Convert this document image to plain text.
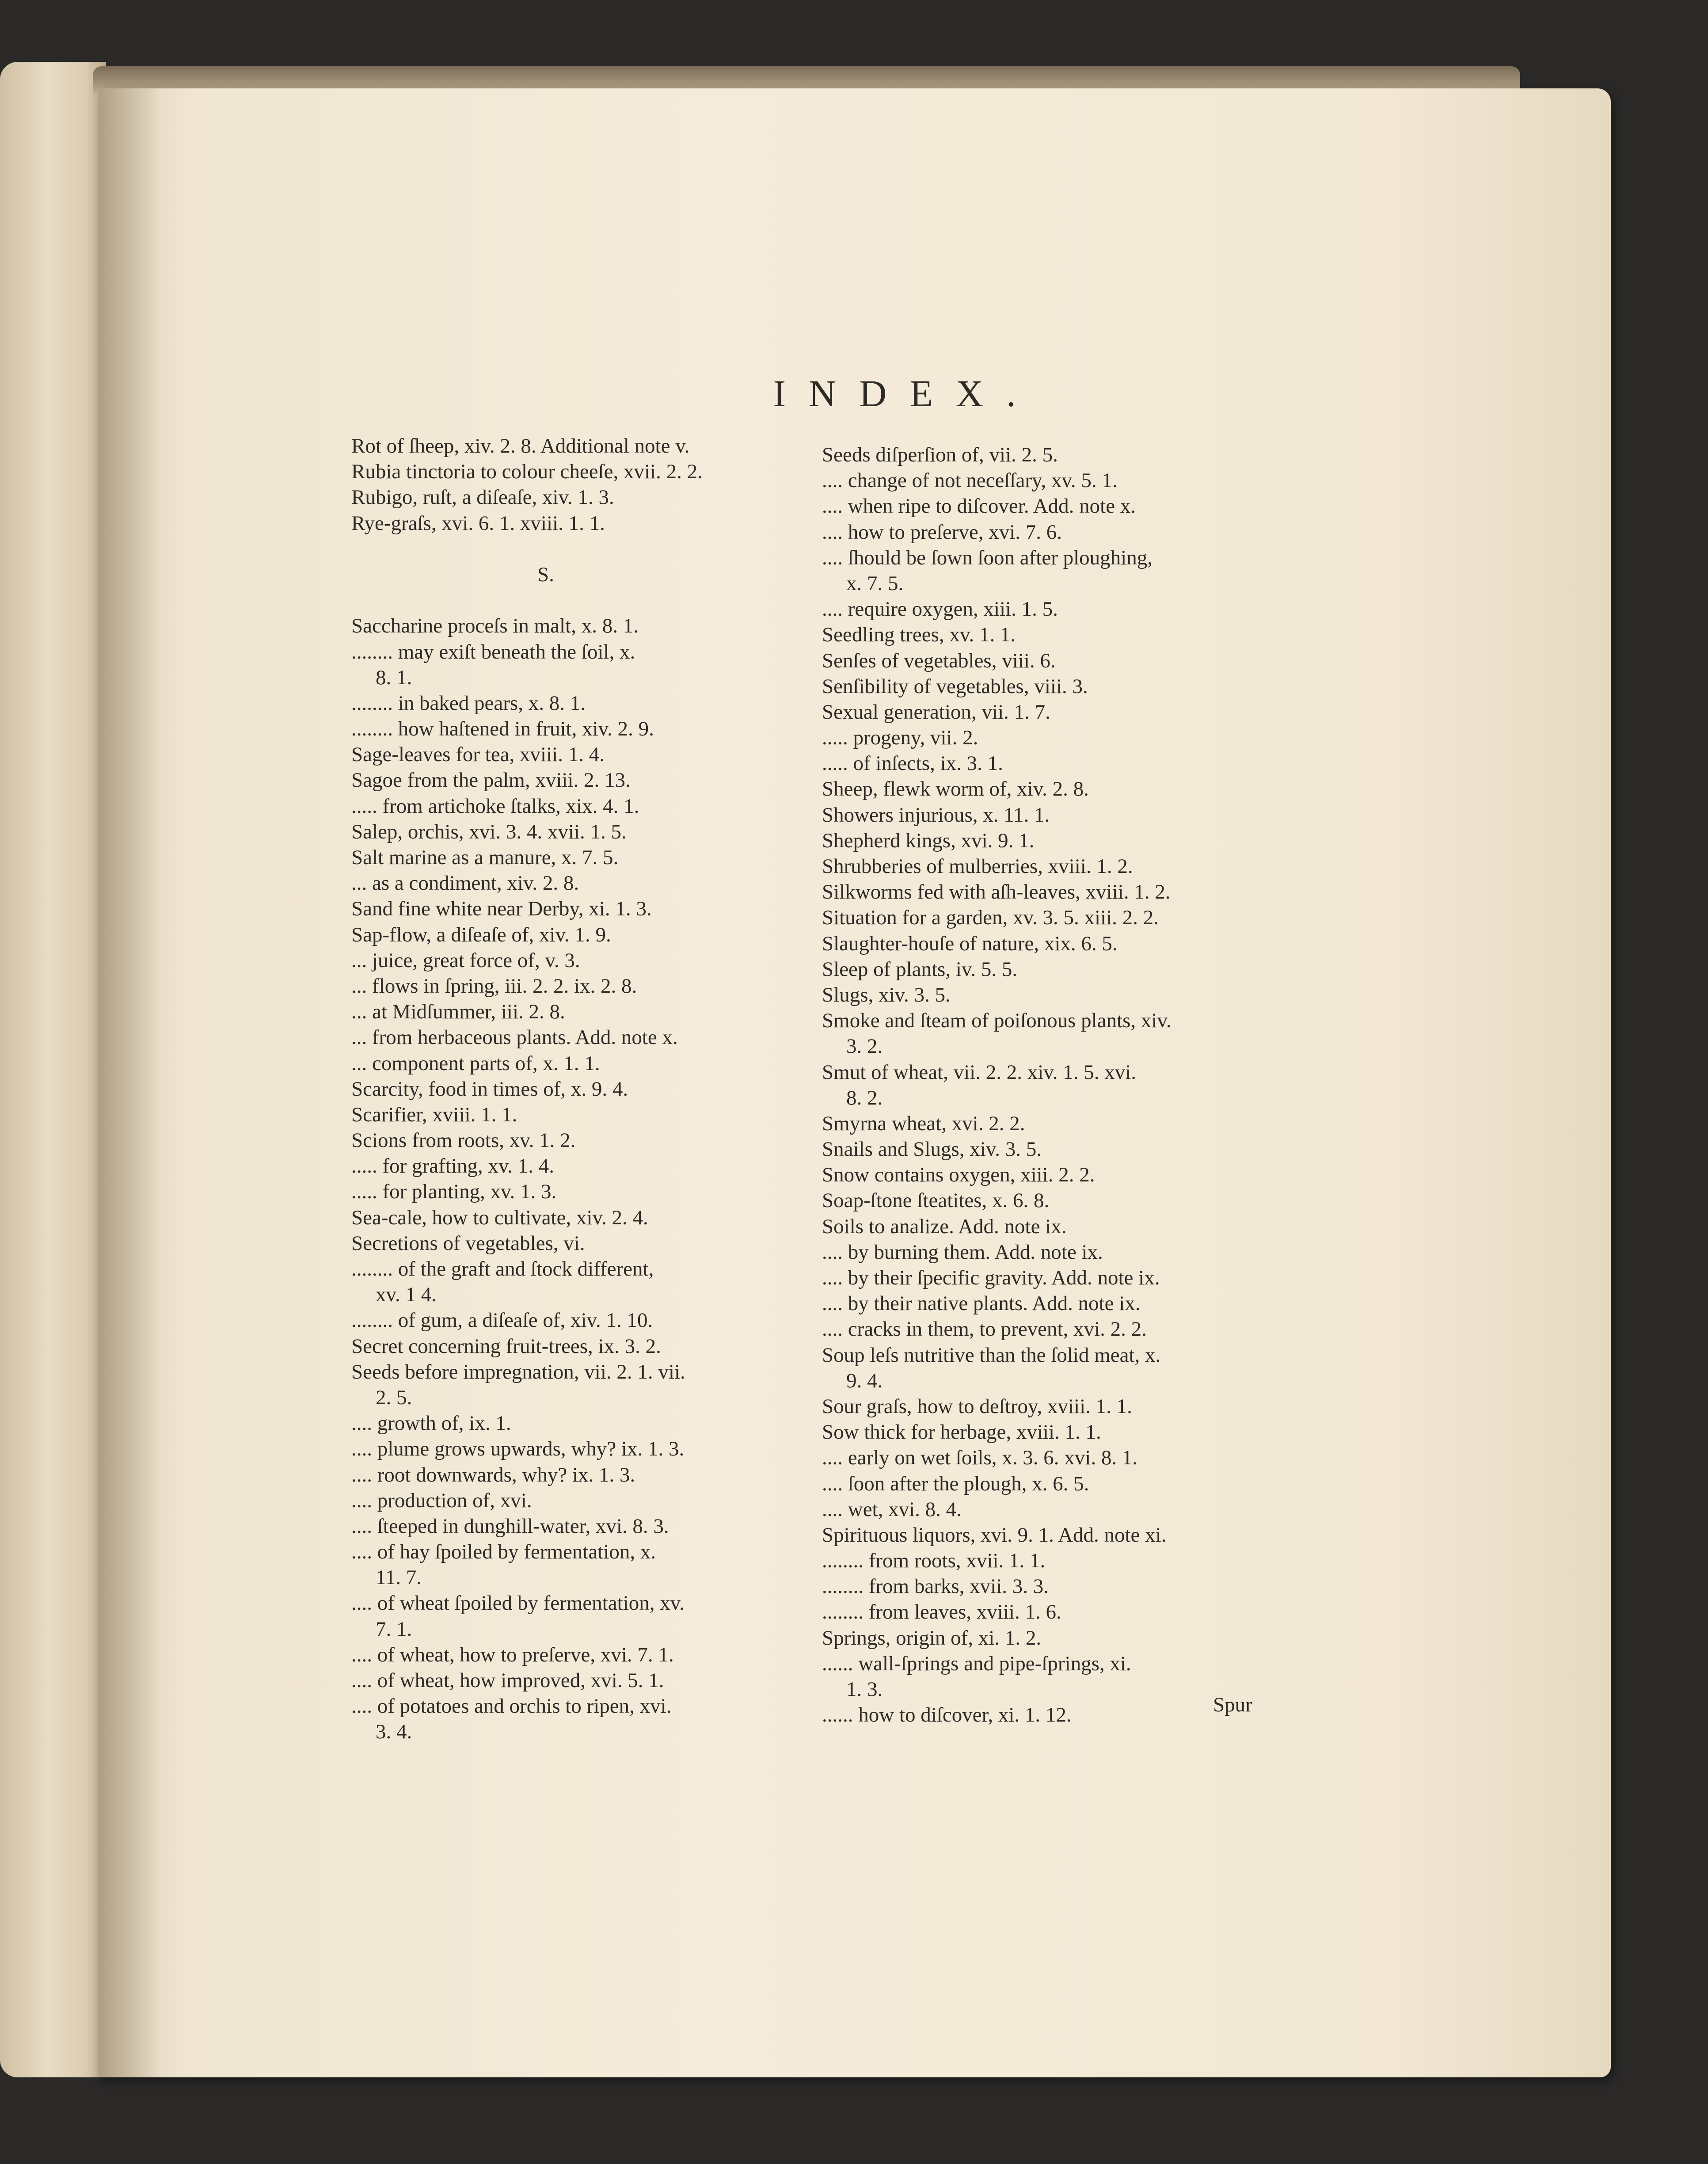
INDEX.
Rot of ſheep, xiv. 2. 8. Additional note v.
Rubia tinctoria to colour cheeſe, xvii. 2. 2.
Rubigo, ruſt, a diſeaſe, xiv. 1. 3.
Rye-graſs, xvi. 6. 1. xviii. 1. 1.
S.
Saccharine proceſs in malt, x. 8. 1.
........ may exiſt beneath the ſoil, x.
8. 1.
........ in baked pears, x. 8. 1.
........ how haſtened in fruit, xiv. 2. 9.
Sage-leaves for tea, xviii. 1. 4.
Sagoe from the palm, xviii. 2. 13.
..... from artichoke ſtalks, xix. 4. 1.
Salep, orchis, xvi. 3. 4. xvii. 1. 5.
Salt marine as a manure, x. 7. 5.
... as a condiment, xiv. 2. 8.
Sand fine white near Derby, xi. 1. 3.
Sap-flow, a diſeaſe of, xiv. 1. 9.
... juice, great force of, v. 3.
... flows in ſpring, iii. 2. 2. ix. 2. 8.
... at Midſummer, iii. 2. 8.
... from herbaceous plants. Add. note x.
... component parts of, x. 1. 1.
Scarcity, food in times of, x. 9. 4.
Scarifier, xviii. 1. 1.
Scions from roots, xv. 1. 2.
..... for grafting, xv. 1. 4.
..... for planting, xv. 1. 3.
Sea-cale, how to cultivate, xiv. 2. 4.
Secretions of vegetables, vi.
........ of the graft and ſtock different,
xv. 1 4.
........ of gum, a diſeaſe of, xiv. 1. 10.
Secret concerning fruit-trees, ix. 3. 2.
Seeds before impregnation, vii. 2. 1. vii.
2. 5.
.... growth of, ix. 1.
.... plume grows upwards, why? ix. 1. 3.
.... root downwards, why? ix. 1. 3.
.... production of, xvi.
.... ſteeped in dunghill-water, xvi. 8. 3.
.... of hay ſpoiled by fermentation, x.
11. 7.
.... of wheat ſpoiled by fermentation, xv.
7. 1.
.... of wheat, how to preſerve, xvi. 7. 1.
.... of wheat, how improved, xvi. 5. 1.
.... of potatoes and orchis to ripen, xvi.
3. 4.
Seeds diſperſion of, vii. 2. 5.
.... change of not neceſſary, xv. 5. 1.
.... when ripe to diſcover. Add. note x.
.... how to preſerve, xvi. 7. 6.
.... ſhould be ſown ſoon after ploughing,
x. 7. 5.
.... require oxygen, xiii. 1. 5.
Seedling trees, xv. 1. 1.
Senſes of vegetables, viii. 6.
Senſibility of vegetables, viii. 3.
Sexual generation, vii. 1. 7.
..... progeny, vii. 2.
..... of inſects, ix. 3. 1.
Sheep, flewk worm of, xiv. 2. 8.
Showers injurious, x. 11. 1.
Shepherd kings, xvi. 9. 1.
Shrubberies of mulberries, xviii. 1. 2.
Silkworms fed with aſh-leaves, xviii. 1. 2.
Situation for a garden, xv. 3. 5. xiii. 2. 2.
Slaughter-houſe of nature, xix. 6. 5.
Sleep of plants, iv. 5. 5.
Slugs, xiv. 3. 5.
Smoke and ſteam of poiſonous plants, xiv.
3. 2.
Smut of wheat, vii. 2. 2. xiv. 1. 5. xvi.
8. 2.
Smyrna wheat, xvi. 2. 2.
Snails and Slugs, xiv. 3. 5.
Snow contains oxygen, xiii. 2. 2.
Soap-ſtone ſteatites, x. 6. 8.
Soils to analize. Add. note ix.
.... by burning them. Add. note ix.
.... by their ſpecific gravity. Add. note ix.
.... by their native plants. Add. note ix.
.... cracks in them, to prevent, xvi. 2. 2.
Soup leſs nutritive than the ſolid meat, x.
9. 4.
Sour graſs, how to deſtroy, xviii. 1. 1.
Sow thick for herbage, xviii. 1. 1.
.... early on wet ſoils, x. 3. 6. xvi. 8. 1.
.... ſoon after the plough, x. 6. 5.
.... wet, xvi. 8. 4.
Spirituous liquors, xvi. 9. 1. Add. note xi.
........ from roots, xvii. 1. 1.
........ from barks, xvii. 3. 3.
........ from leaves, xviii. 1. 6.
Springs, origin of, xi. 1. 2.
...... wall-ſprings and pipe-ſprings, xi.
1. 3.
...... how to diſcover, xi. 1. 12.	Spur
